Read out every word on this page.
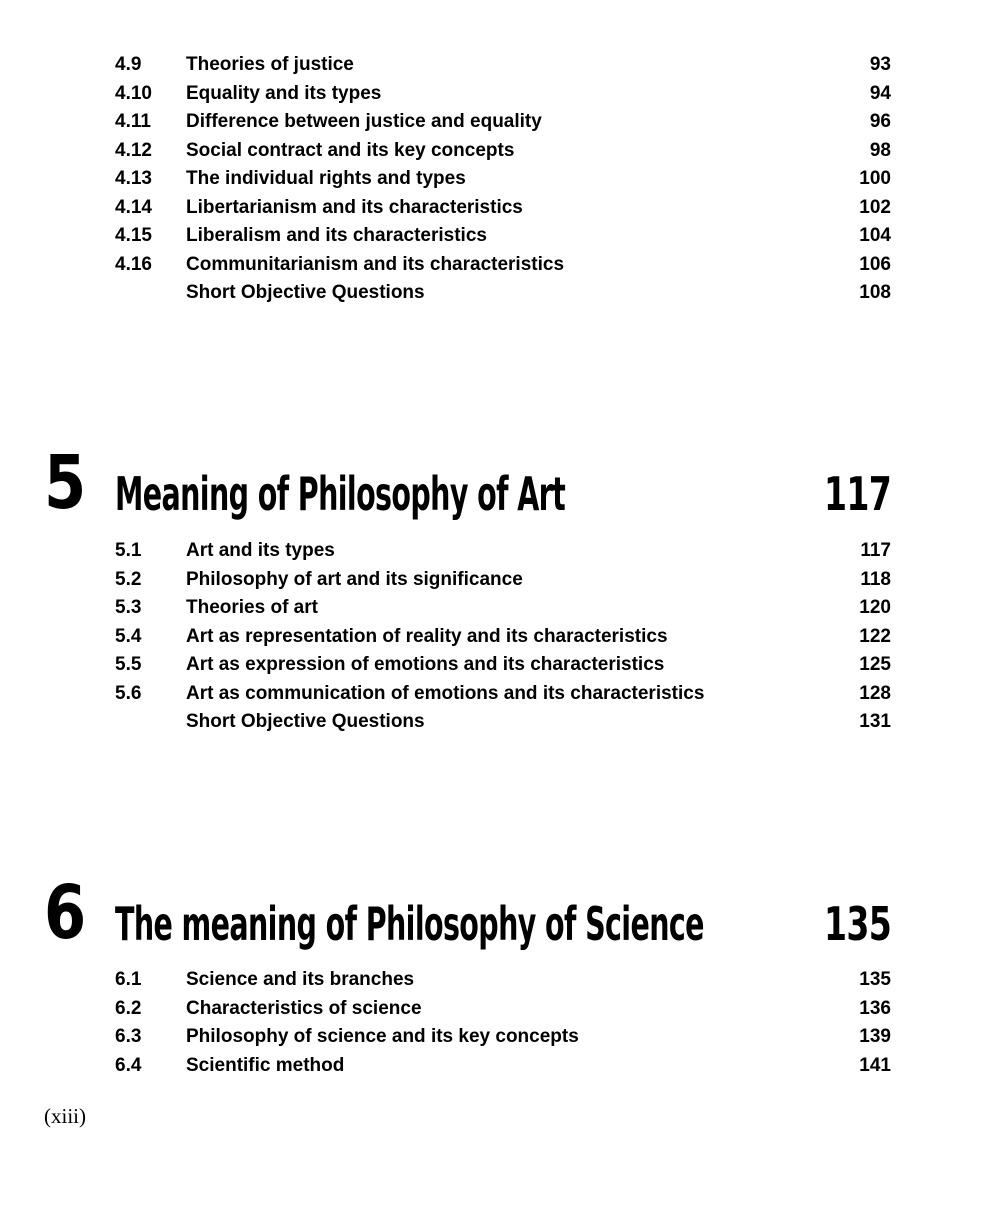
4.9 Theories of justice	93
4.10 Equality and its types	94
4.11 Difference between justice and equality	96
4.12 Social contract and its key concepts	98
4.13 The individual rights and types	100
4.14 Libertarianism and its characteristics	102
4.15 Liberalism and its characteristics	104
4.16 Communitarianism and its characteristics	106
Short Objective Questions	108
5 Meaning of Philosophy of Art	117
5.1 Art and its types	117
5.2 Philosophy of art and its significance	118
5.3 Theories of art	120
5.4 Art as representation of reality and its characteristics	122
5.5 Art as expression of emotions and its characteristics	125
5.6 Art as communication of emotions and its characteristics	128
Short Objective Questions	131
6 The meaning of Philosophy of Science	135
6.1 Science and its branches	135
6.2 Characteristics of science	136
6.3 Philosophy of science and its key concepts	139
6.4 Scientific method	141
(xiii)
